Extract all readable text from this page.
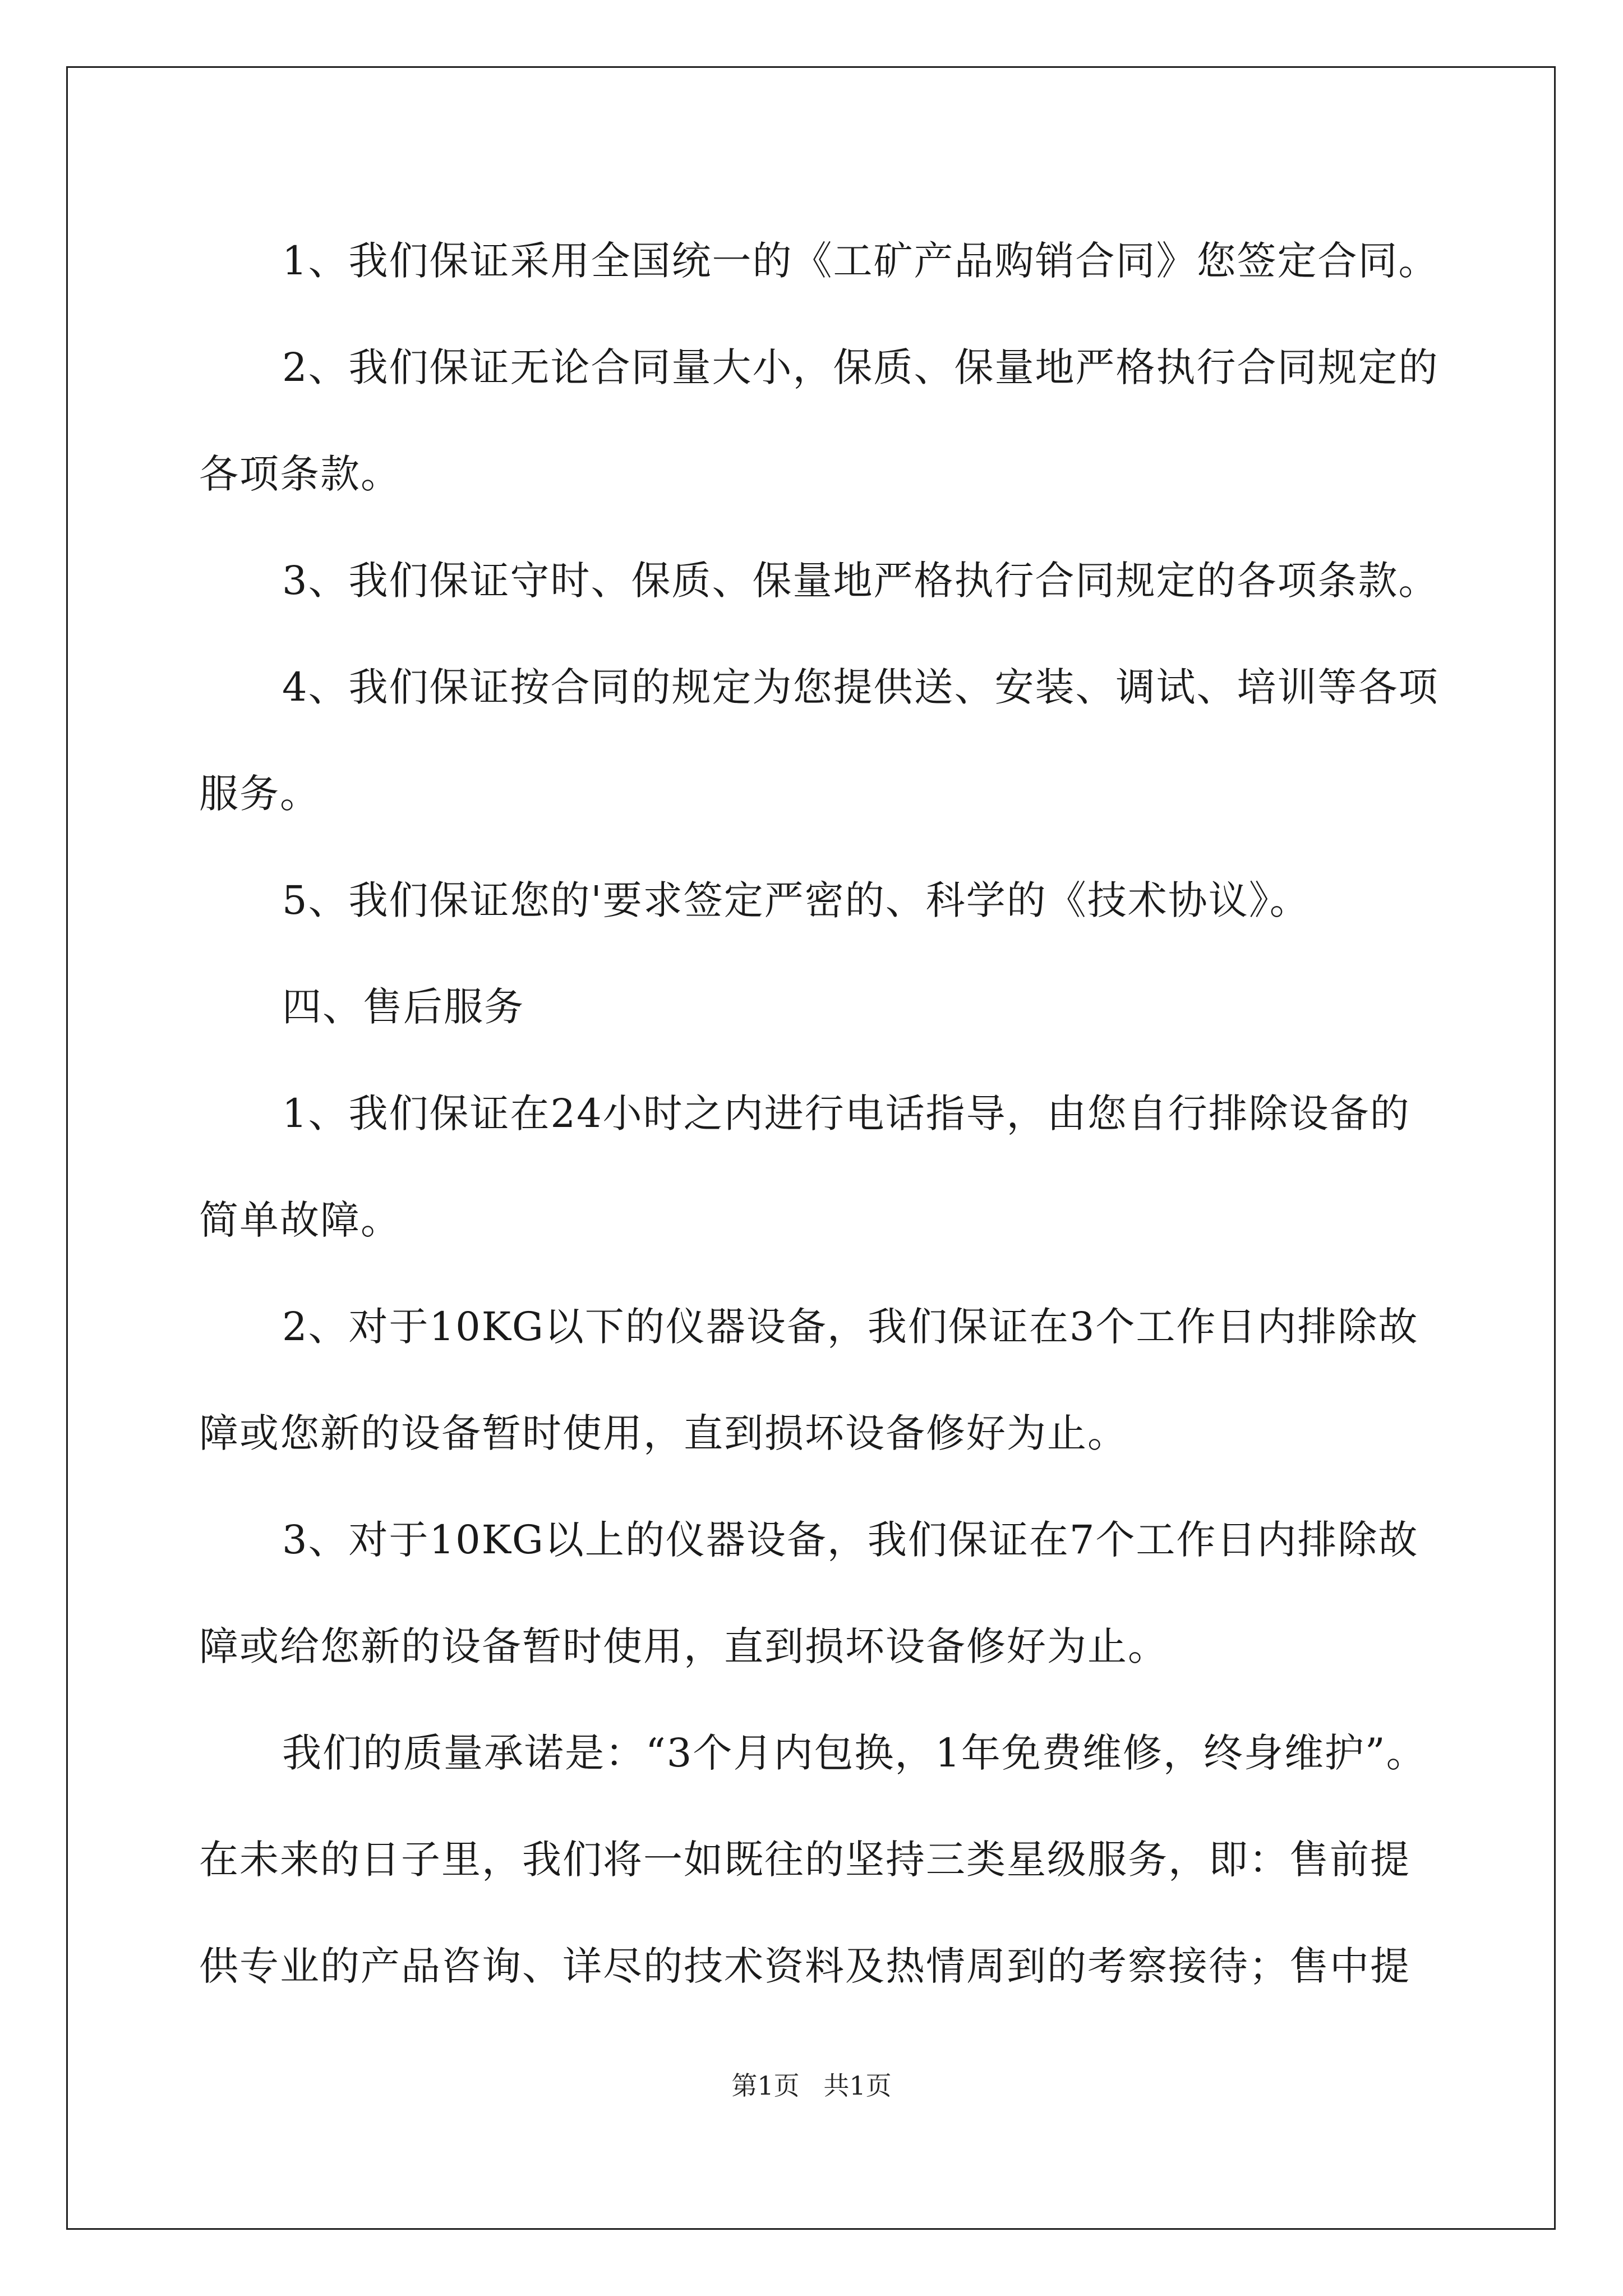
1、我们保证采用全国统一的《工矿产品购销合同》您签定合同。

2、我们保证无论合同量大小，保质、保量地严格执行合同规定的

各项条款。

3、我们保证守时、保质、保量地严格执行合同规定的各项条款。

4、我们保证按合同的规定为您提供送、安装、调试、培训等各项

服务。

5、我们保证您的'要求签定严密的、科学的《技术协议》。

四、售后服务

1、我们保证在24小时之内进行电话指导，由您自行排除设备的

简单故障。

2、对于10KG以下的仪器设备，我们保证在3个工作日内排除故

障或您新的设备暂时使用，直到损坏设备修好为止。

3、对于10KG以上的仪器设备，我们保证在7个工作日内排除故

障或给您新的设备暂时使用，直到损坏设备修好为止。

我们的质量承诺是：“3个月内包换，1年免费维修，终身维护”。

在未来的日子里，我们将一如既往的坚持三类星级服务，即：售前提

供专业的产品咨询、详尽的技术资料及热情周到的考察接待；售中提

第1页 共1页
